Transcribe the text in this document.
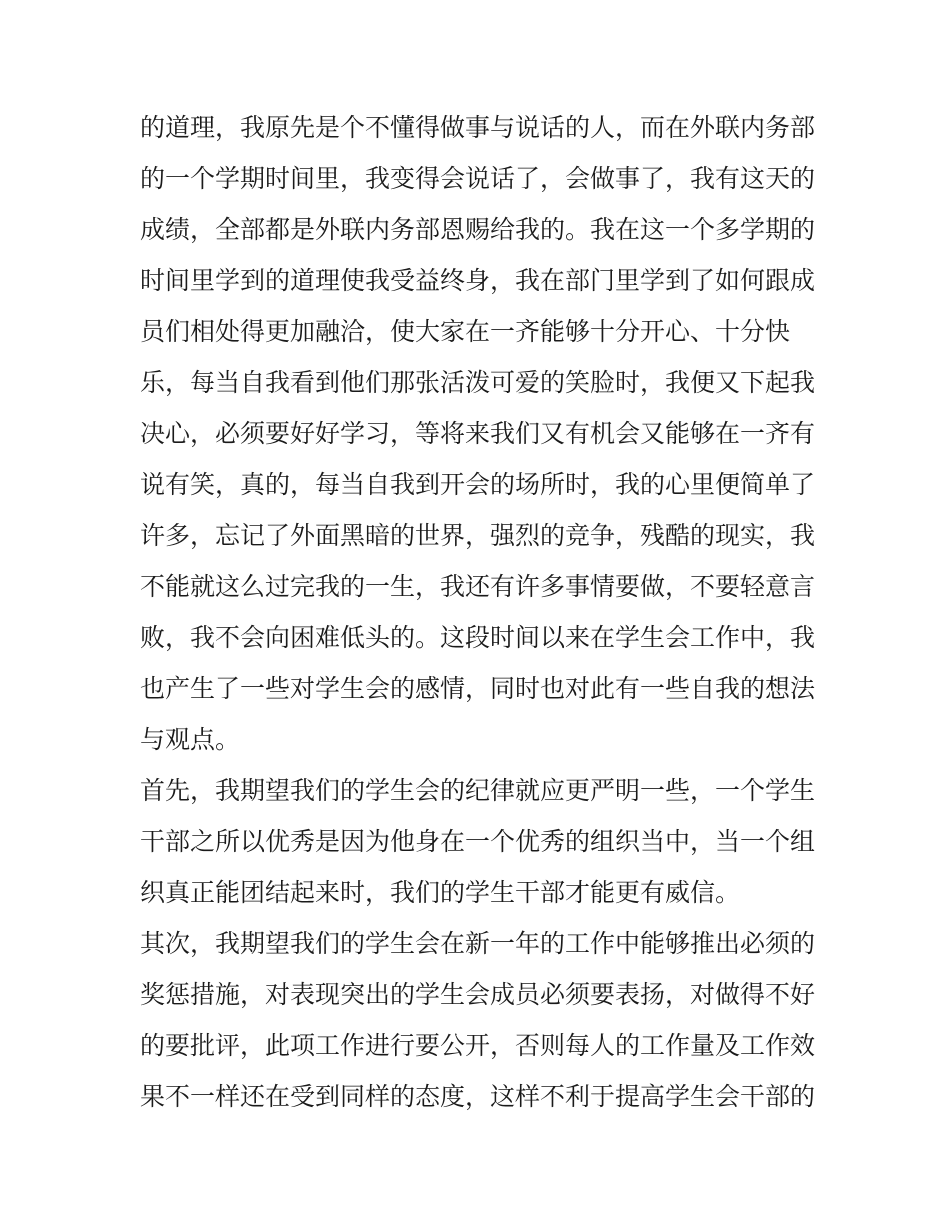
的道理，我原先是个不懂得做事与说话的人，而在外联内务部
的一个学期时间里，我变得会说话了，会做事了，我有这天的
成绩，全部都是外联内务部恩赐给我的。我在这一个多学期的
时间里学到的道理使我受益终身，我在部门里学到了如何跟成
员们相处得更加融洽，使大家在一齐能够十分开心、十分快
乐，每当自我看到他们那张活泼可爱的笑脸时，我便又下起我
决心，必须要好好学习，等将来我们又有机会又能够在一齐有
说有笑，真的，每当自我到开会的场所时，我的心里便简单了
许多，忘记了外面黑暗的世界，强烈的竞争，残酷的现实，我
不能就这么过完我的一生，我还有许多事情要做，不要轻意言
败，我不会向困难低头的。这段时间以来在学生会工作中，我
也产生了一些对学生会的感情，同时也对此有一些自我的想法
与观点。
首先，我期望我们的学生会的纪律就应更严明一些，一个学生
干部之所以优秀是因为他身在一个优秀的组织当中，当一个组
织真正能团结起来时，我们的学生干部才能更有威信。
其次，我期望我们的学生会在新一年的工作中能够推出必须的
奖惩措施，对表现突出的学生会成员必须要表扬，对做得不好
的要批评，此项工作进行要公开，否则每人的工作量及工作效
果不一样还在受到同样的态度，这样不利于提高学生会干部的
